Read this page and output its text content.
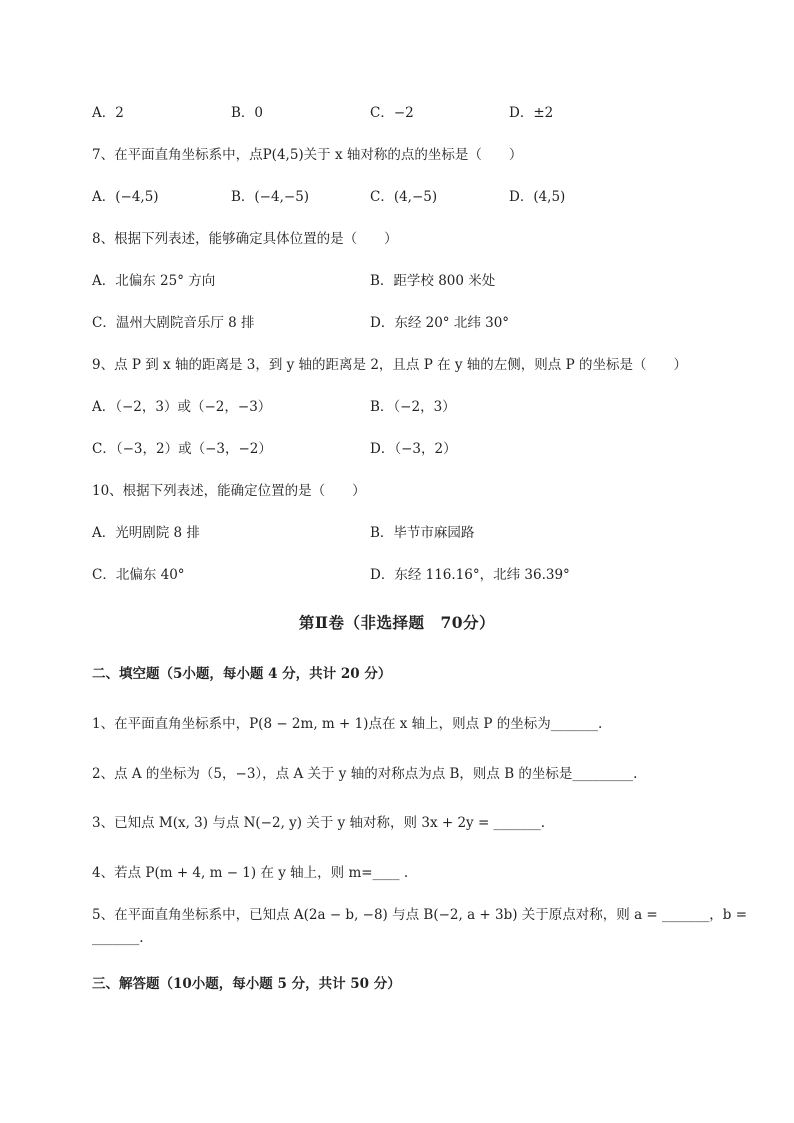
A．2	B．0	C．−2	D．±2
7、在平面直角坐标系中，点P(4,5)关于 x 轴对称的点的坐标是（　　）
A．(−4,5)	B．(−4,−5)	C．(4,−5)	D．(4,5)
8、根据下列表述，能够确定具体位置的是（　　）
A．北偏东 25° 方向	B．距学校 800 米处
C．温州大剧院音乐厅 8 排	D．东经 20° 北纬 30°
9、点 P 到 x 轴的距离是 3，到 y 轴的距离是 2，且点 P 在 y 轴的左侧，则点 P 的坐标是（　　）
A．（−2，3）或（−2，−3）	B．（−2，3）
C．（−3，2）或（−3，−2）	D．（−3，2）
10、根据下列表述，能确定位置的是（　　）
A．光明剧院 8 排	B．毕节市麻园路
C．北偏东 40°	D．东经 116.16°，北纬 36.39°
第Ⅱ卷（非选择题　70分）
二、填空题（5小题，每小题 4 分，共计 20 分）
1、在平面直角坐标系中，P(8 − 2m, m + 1)点在 x 轴上，则点 P 的坐标为_______.
2、点 A 的坐标为（5，−3），点 A 关于 y 轴的对称点为点 B，则点 B 的坐标是_________.
3、已知点 M(x, 3) 与点 N(−2, y) 关于 y 轴对称，则 3x + 2y = _______.
4、若点 P(m + 4, m − 1) 在 y 轴上，则 m=____ .
5、在平面直角坐标系中，已知点 A(2a − b, −8) 与点 B(−2, a + 3b) 关于原点对称，则 a = _______，b =
_______.
三、解答题（10小题，每小题 5 分，共计 50 分）
